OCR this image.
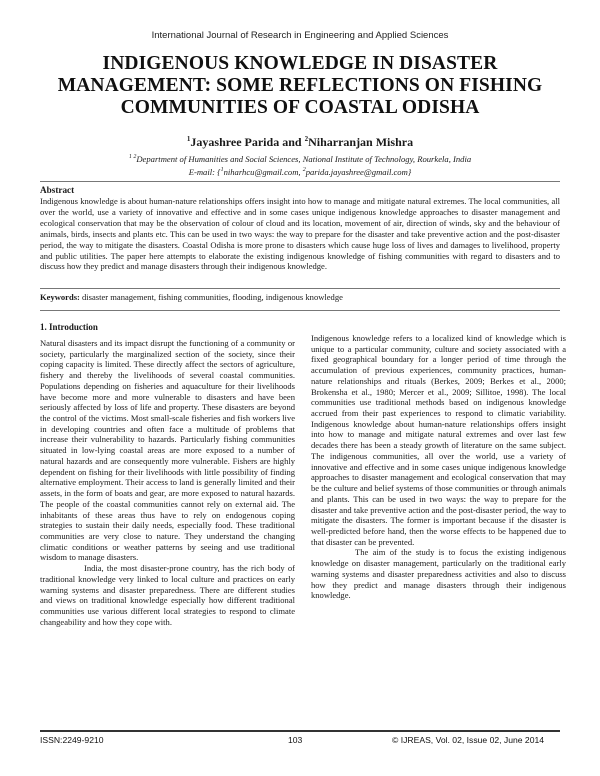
International Journal of Research in Engineering and Applied Sciences
INDIGENOUS KNOWLEDGE IN DISASTER MANAGEMENT: SOME REFLECTIONS ON FISHING COMMUNITIES OF COASTAL ODISHA
$^1$Jayashree Parida and $^2$Niharranjan Mishra
$^{1 2}$Department of Humanities and Social Sciences, National Institute of Technology, Rourkela, India
E-mail: {$^1$niharhcu@gmail.com, $^2$parida.jayashree@gmail.com}
Abstract
Indigenous knowledge is about human-nature relationships offers insight into how to manage and mitigate natural extremes. The local communities, all over the world, use a variety of innovative and effective and in some cases unique indigenous knowledge approaches to disaster management and ecological conservation that may be the observation of colour of cloud and its location, movement of air, direction of winds, sky and the behaviour of animals, birds, insects and plants etc. This can be used in two ways: the way to prepare for the disaster and take preventive action and the post-disaster period, the way to mitigate the disasters. Coastal Odisha is more prone to disasters which cause huge loss of lives and damages to livelihood, property and public utilities. The paper here attempts to elaborate the existing indigenous knowledge of fishing communities with regard to disasters and to discuss how they predict and manage disasters through their indigenous knowledge.
Keywords: disaster management, fishing communities, flooding, indigenous knowledge
1. Introduction

Natural disasters and its impact disrupt the functioning of a community or society, particularly the marginalized section of the society, since their coping capacity is limited. These directly affect the sectors of agriculture, fishery and thereby the livelihoods of several coastal communities. Populations depending on fisheries and aquaculture for their livelihoods have become more and more vulnerable to disasters and have been seriously affected by loss of life and property. These disasters are beyond the control of the victims. Most small-scale fisheries and fish workers live in developing countries and often face a multitude of problems that increase their vulnerability to hazards. Particularly fishing communities situated in low-lying coastal areas are more exposed to a number of natural hazards and are consequently more vulnerable. Fishers are highly dependent on fishing for their livelihoods with little possibility of finding alternative employment. Their access to land is generally limited and their assets, in the form of boats and gear, are more exposed to natural hazards. The people of the coastal communities cannot rely on external aid. The inhabitants of these areas thus have to rely on endogenous coping strategies to sustain their daily needs, especially food. These traditional communities are very close to nature. They understand the changing climatic conditions or weather patterns by seeing and use traditional wisdom to manage disasters.

India, the most disaster-prone country, has the rich body of traditional knowledge very linked to local culture and practices on early warning systems and disaster preparedness. There are different studies and views on traditional knowledge especially how different traditional communities use various different local strategies to respond to climate changeability and how they cope with.

Indigenous knowledge refers to a localized kind of knowledge which is unique to a particular community, culture and society associated with a fixed geographical boundary for a longer period of time through the accumulation of previous experiences, community practices, human-nature relationships and rituals (Berkes, 2009; Berkes et al., 2000; Brokensha et al., 1980; Mercer et al., 2009; Sillitoe, 1998). The local communities use traditional methods based on indigenous knowledge accrued from their past experiences to respond to climatic variability. Indigenous knowledge about human-nature relationships offers insight into how to manage and mitigate natural extremes and over last few decades there has been a steady growth of literature on the same subject. The indigenous communities, all over the world, use a variety of innovative and effective and in some cases unique indigenous knowledge approaches to disaster management and ecological conservation that may be the culture and belief systems of those communities or through animals and plants. This can be used in two ways: the way to prepare for the disaster and take preventive action and the post-disaster period, the way to mitigate the disasters. The former is important because if the disaster is well-predicted before hand, then the worse effects to be happened due to that disaster can be prevented.

The aim of the study is to focus the existing indigenous knowledge on disaster management, particularly on the traditional early warning systems and disaster preparedness activities and also to discuss how they predict and manage disasters through their indigenous knowledge.

ISSN:2249-9210	103	© IJREAS, Vol. 02, Issue 02, June 2014
